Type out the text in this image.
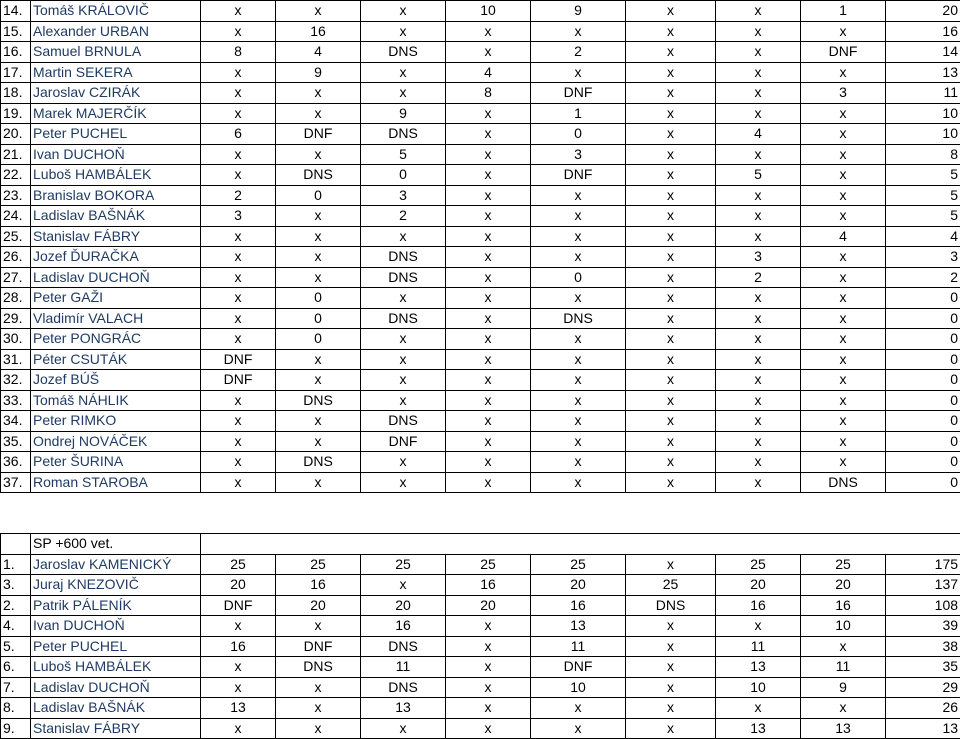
14.	Tomáš KRÁLOVIČ	x	x	x	10	9	x	x	1	20
15.	Alexander URBAN	x	16	x	x	x	x	x	x	16
16.	Samuel BRNULA	8	4	DNS	x	2	x	x	DNF	14
17.	Martin SEKERA	x	9	x	4	x	x	x	x	13
18.	Jaroslav CZIRÁK	x	x	x	8	DNF	x	x	3	11
19.	Marek MAJERČÍK	x	x	9	x	1	x	x	x	10
20.	Peter PUCHEL	6	DNF	DNS	x	0	x	4	x	10
21.	Ivan DUCHOŇ	x	x	5	x	3	x	x	x	8
22.	Luboš HAMBÁLEK	x	DNS	0	x	DNF	x	5	x	5
23.	Branislav BOKORA	2	0	3	x	x	x	x	x	5
24.	Ladislav BAŠNÁK	3	x	2	x	x	x	x	x	5
25.	Stanislav FÁBRY	x	x	x	x	x	x	x	4	4
26.	Jozef ĎURAČKA	x	x	DNS	x	x	x	3	x	3
27.	Ladislav DUCHOŇ	x	x	DNS	x	0	x	2	x	2
28.	Peter GAŽI	x	0	x	x	x	x	x	x	0
29.	Vladimír VALACH	x	0	DNS	x	DNS	x	x	x	0
30.	Peter PONGRÁC	x	0	x	x	x	x	x	x	0
31.	Péter CSUTÁK	DNF	x	x	x	x	x	x	x	0
32.	Jozef BÚŠ	DNF	x	x	x	x	x	x	x	0
33.	Tomáš NÁHLIK	x	DNS	x	x	x	x	x	x	0
34.	Peter RIMKO	x	x	DNS	x	x	x	x	x	0
35.	Ondrej NOVÁČEK	x	x	DNF	x	x	x	x	x	0
36.	Peter ŠURINA	x	DNS	x	x	x	x	x	x	0
37.	Roman STAROBA	x	x	x	x	x	x	x	DNS	0
	SP +600 vet.									
1.	Jaroslav KAMENICKÝ	25	25	25	25	25	x	25	25	175
3.	Juraj KNEZOVIČ	20	16	x	16	20	25	20	20	137
2.	Patrik PÁLENÍK	DNF	20	20	20	16	DNS	16	16	108
4.	Ivan DUCHOŇ	x	x	16	x	13	x	x	10	39
5.	Peter PUCHEL	16	DNF	DNS	x	11	x	11	x	38
6.	Luboš HAMBÁLEK	x	DNS	11	x	DNF	x	13	11	35
7.	Ladislav DUCHOŇ	x	x	DNS	x	10	x	10	9	29
8.	Ladislav BAŠNÁK	13	x	13	x	x	x	x	x	26
9.	Stanislav FÁBRY	x	x	x	x	x	x	13	13	13
